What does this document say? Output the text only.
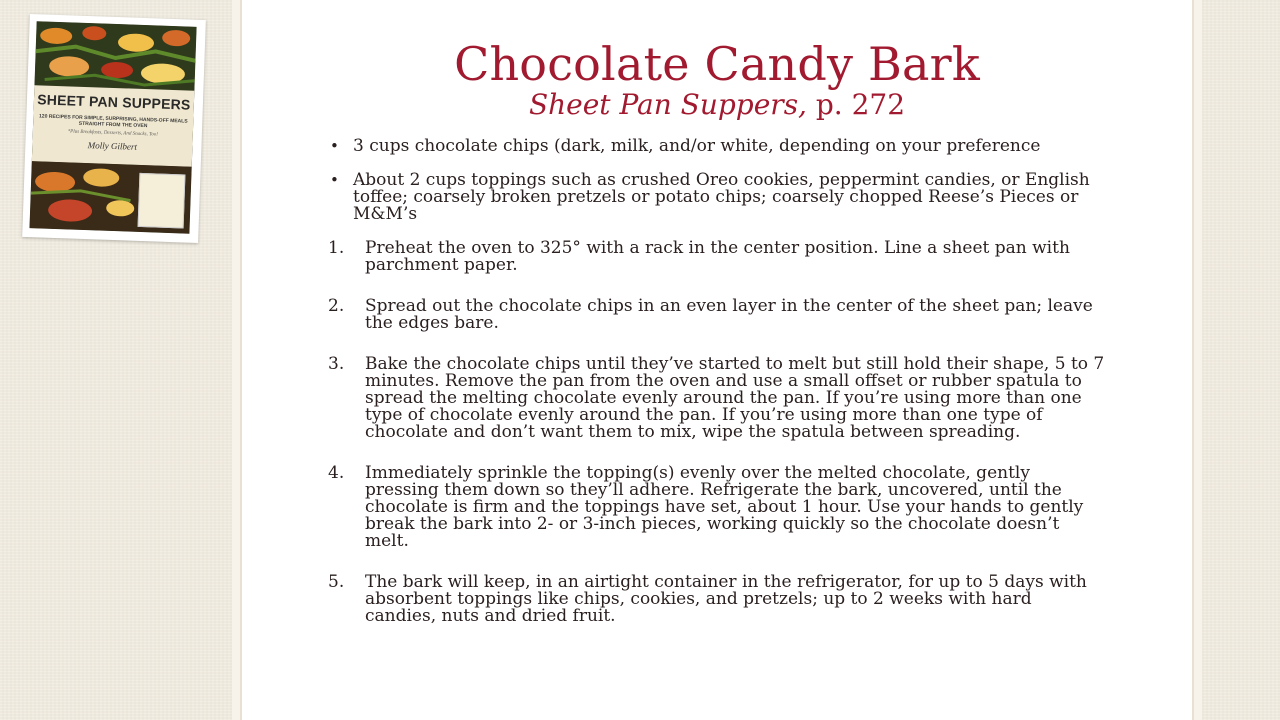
SHEET PAN SUPPERS
120 RECIPES FOR SIMPLE, SURPRISING, HANDS-OFF MEALS STRAIGHT FROM THE OVEN
*Plus Breakfasts, Desserts, And Snacks, Too!
Molly Gilbert
Chocolate Candy Bark
Sheet Pan Suppers, p. 272
• 3 cups chocolate chips (dark, milk, and/or white, depending on your preference
• About 2 cups toppings such as crushed Oreo cookies, peppermint candies, or English toffee; coarsely broken pretzels or potato chips; coarsely chopped Reese’s Pieces or M&M’s
1. Preheat the oven to 325° with a rack in the center position. Line a sheet pan with parchment paper.
2. Spread out the chocolate chips in an even layer in the center of the sheet pan; leave the edges bare.
3. Bake the chocolate chips until they’ve started to melt but still hold their shape, 5 to 7 minutes. Remove the pan from the oven and use a small offset or rubber spatula to spread the melting chocolate evenly around the pan. If you’re using more than one type of chocolate evenly around the pan. If you’re using more than one type of chocolate and don’t want them to mix, wipe the spatula between spreading.
4. Immediately sprinkle the topping(s) evenly over the melted chocolate, gently pressing them down so they’ll adhere. Refrigerate the bark, uncovered, until the chocolate is firm and the toppings have set, about 1 hour. Use your hands to gently break the bark into 2- or 3-inch pieces, working quickly so the chocolate doesn’t melt.
5. The bark will keep, in an airtight container in the refrigerator, for up to 5 days with absorbent toppings like chips, cookies, and pretzels; up to 2 weeks with hard candies, nuts and dried fruit.
